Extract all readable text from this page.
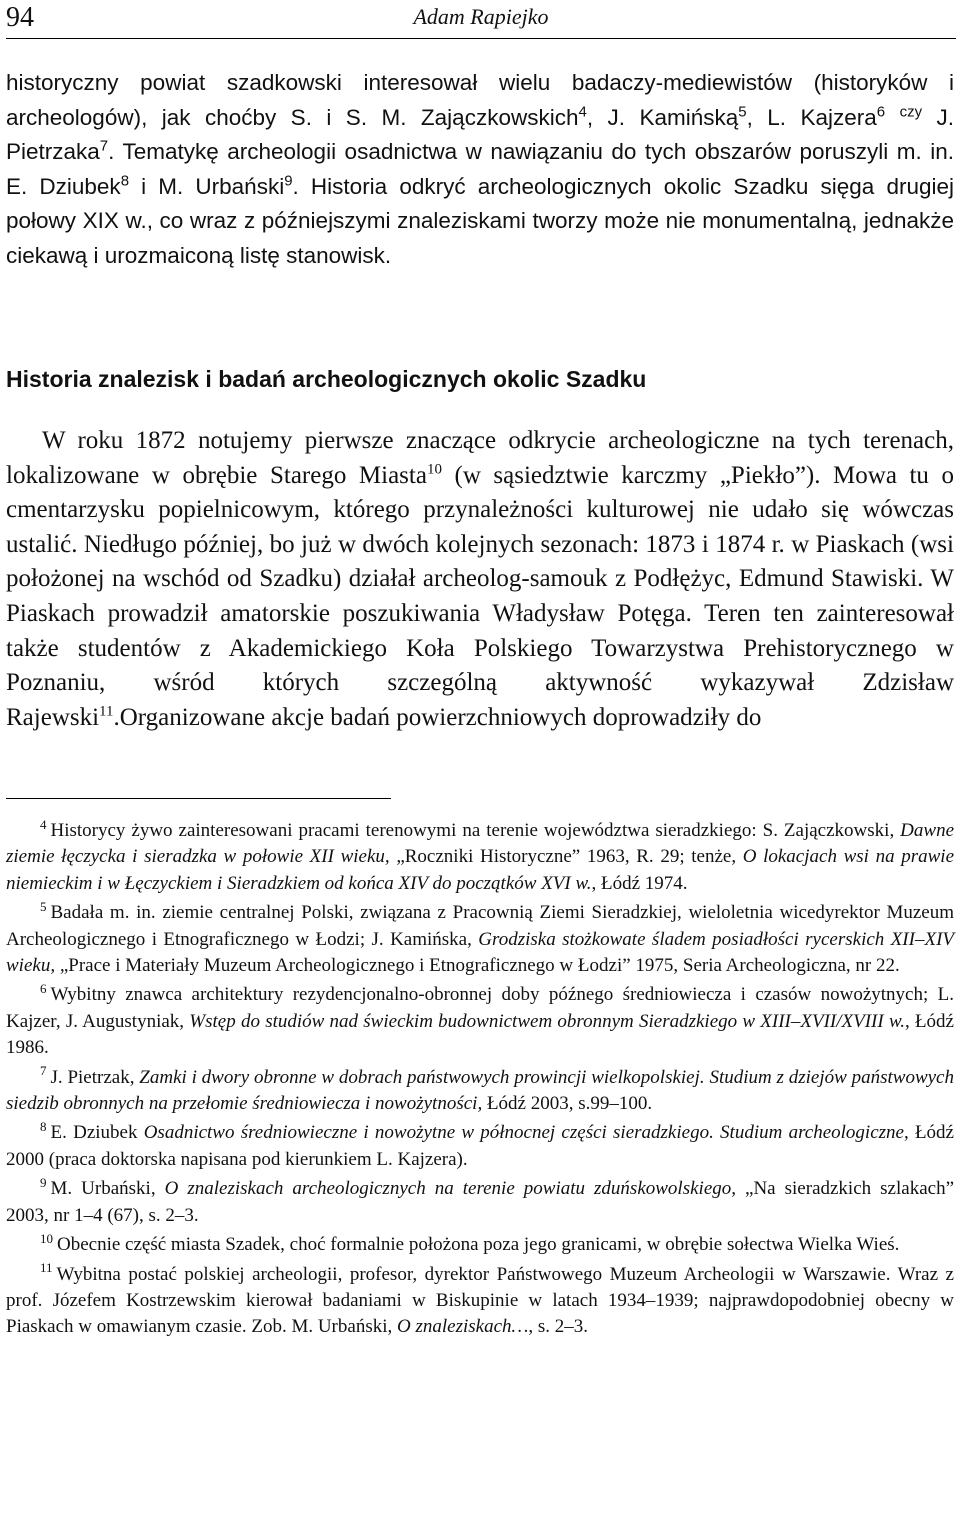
94	Adam Rapiejko

historyczny powiat szadkowski interesował wielu badaczy-mediewistów (historyków i archeologów), jak choćby S. i S. M. Zajączkowskich$^4$, J. Kamińską$^5$, L. Kajzera$^6$ $^{czy}$ J. Pietrzaka$^7$. Tematykę archeologii osadnictwa w nawiązaniu do tych obszarów poruszyli m. in. E. Dziubek$^8$ i M. Urbański$^9$. Historia odkryć archeologicznych okolic Szadku sięga drugiej połowy XIX w., co wraz z późniejszymi znaleziskami tworzy może nie monumentalną, jednakże ciekawą i urozmaiconą listę stanowisk.

Historia znalezisk i badań archeologicznych okolic Szadku

W roku 1872 notujemy pierwsze znaczące odkrycie archeologiczne na tych terenach, lokalizowane w obrębie Starego Miasta$^{10}$ (w sąsiedztwie karczmy „Piekło”). Mowa tu o cmentarzysku popielnicowym, którego przynależności kulturowej nie udało się wówczas ustalić. Niedługo później, bo już w dwóch kolejnych sezonach: 1873 i 1874 r. w Piaskach (wsi położonej na wschód od Szadku) działał archeolog-samouk z Podłężyc, Edmund Stawiski. W Piaskach prowadził amatorskie poszukiwania Władysław Potęga. Teren ten zainteresował także studentów z Akademickiego Koła Polskiego Towarzystwa Prehistorycznego w Poznaniu, wśród których szczególną aktywność wykazywał Zdzisław Rajewski$^{11}$.Organizowane akcje badań powierzchniowych doprowadziły do

$^4$ Historycy żywo zainteresowani pracami terenowymi na terenie województwa sieradzkiego: S. Zajączkowski, Dawne ziemie łęczycka i sieradzka w połowie XII wieku, „Roczniki Historyczne” 1963, R. 29; tenże, O lokacjach wsi na prawie niemieckim i w Łęczyckiem i Sieradzkiem od końca XIV do początków XVI w., Łódź 1974.

$^5$ Badała m. in. ziemie centralnej Polski, związana z Pracownią Ziemi Sieradzkiej, wieloletnia wicedyrektor Muzeum Archeologicznego i Etnograficznego w Łodzi; J. Kamińska, Grodziska stożkowate śladem posiadłości rycerskich XII–XIV wieku, „Prace i Materiały Muzeum Archeologicznego i Etnograficznego w Łodzi” 1975, Seria Archeologiczna, nr 22.

$^6$ Wybitny znawca architektury rezydencjonalno-obronnej doby późnego średniowiecza i czasów nowożytnych; L. Kajzer, J. Augustyniak, Wstęp do studiów nad świeckim budownictwem obronnym Sieradzkiego w XIII–XVII/XVIII w., Łódź 1986.

$^7$ J. Pietrzak, Zamki i dwory obronne w dobrach państwowych prowincji wielkopolskiej. Studium z dziejów państwowych siedzib obronnych na przełomie średniowiecza i nowożytności, Łódź 2003, s.99–100.

$^8$ E. Dziubek Osadnictwo średniowieczne i nowożytne w północnej części sieradzkiego. Studium archeologiczne, Łódź 2000 (praca doktorska napisana pod kierunkiem L. Kajzera).

$^9$ M. Urbański, O znaleziskach archeologicznych na terenie powiatu zduńskowolskiego, „Na sieradzkich szlakach” 2003, nr 1–4 (67), s. 2–3.

$^{10}$ Obecnie część miasta Szadek, choć formalnie położona poza jego granicami, w obrębie sołectwa Wielka Wieś.

$^{11}$ Wybitna postać polskiej archeologii, profesor, dyrektor Państwowego Muzeum Archeologii w Warszawie. Wraz z prof. Józefem Kostrzewskim kierował badaniami w Biskupinie w latach 1934–1939; najprawdopodobniej obecny w Piaskach w omawianym czasie. Zob. M. Urbański, O znaleziskach…, s. 2–3.
